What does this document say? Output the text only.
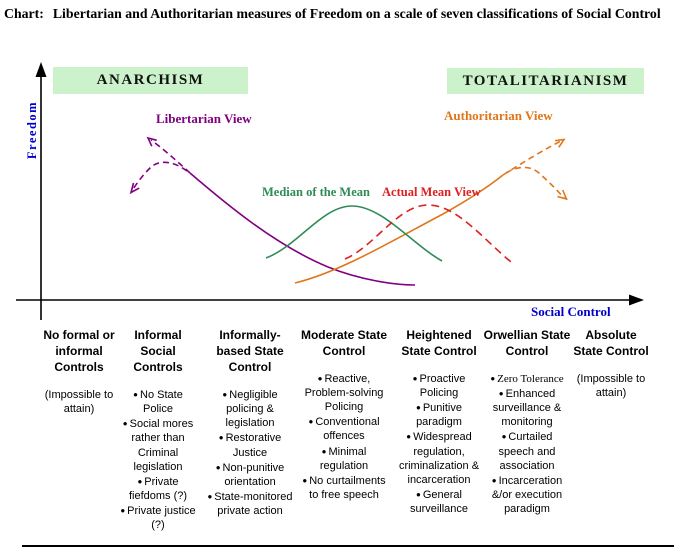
Chart: Libertarian and Authoritarian measures of Freedom on a scale of seven classifications of Social Control
ANARCHISM	TOTALITARIANISM
Freedom
Social Control
Libertarian View	Authoritarian View
Median of the Mean Actual Mean View
No formal or informal Controls
(Impossible to attain)
Informal Social Controls
● No State Police
● Social mores rather than Criminal legislation
● Private fiefdoms (?)
● Private justice (?)
Informally-based State Control
● Negligible policing & legislation
● Restorative Justice
● Non-punitive orientation
● State-monitored private action
Moderate State Control
● Reactive, Problem-solving Policing
● Conventional offences
● Minimal regulation
● No curtailments to free speech
Heightened State Control
● Proactive Policing
● Punitive paradigm
● Widespread regulation, criminalization & incarceration
● General surveillance
Orwellian State Control
● Zero Tolerance
● Enhanced surveillance & monitoring
● Curtailed speech and association
● Incarceration &/or execution paradigm
Absolute State Control
(Impossible to attain)
